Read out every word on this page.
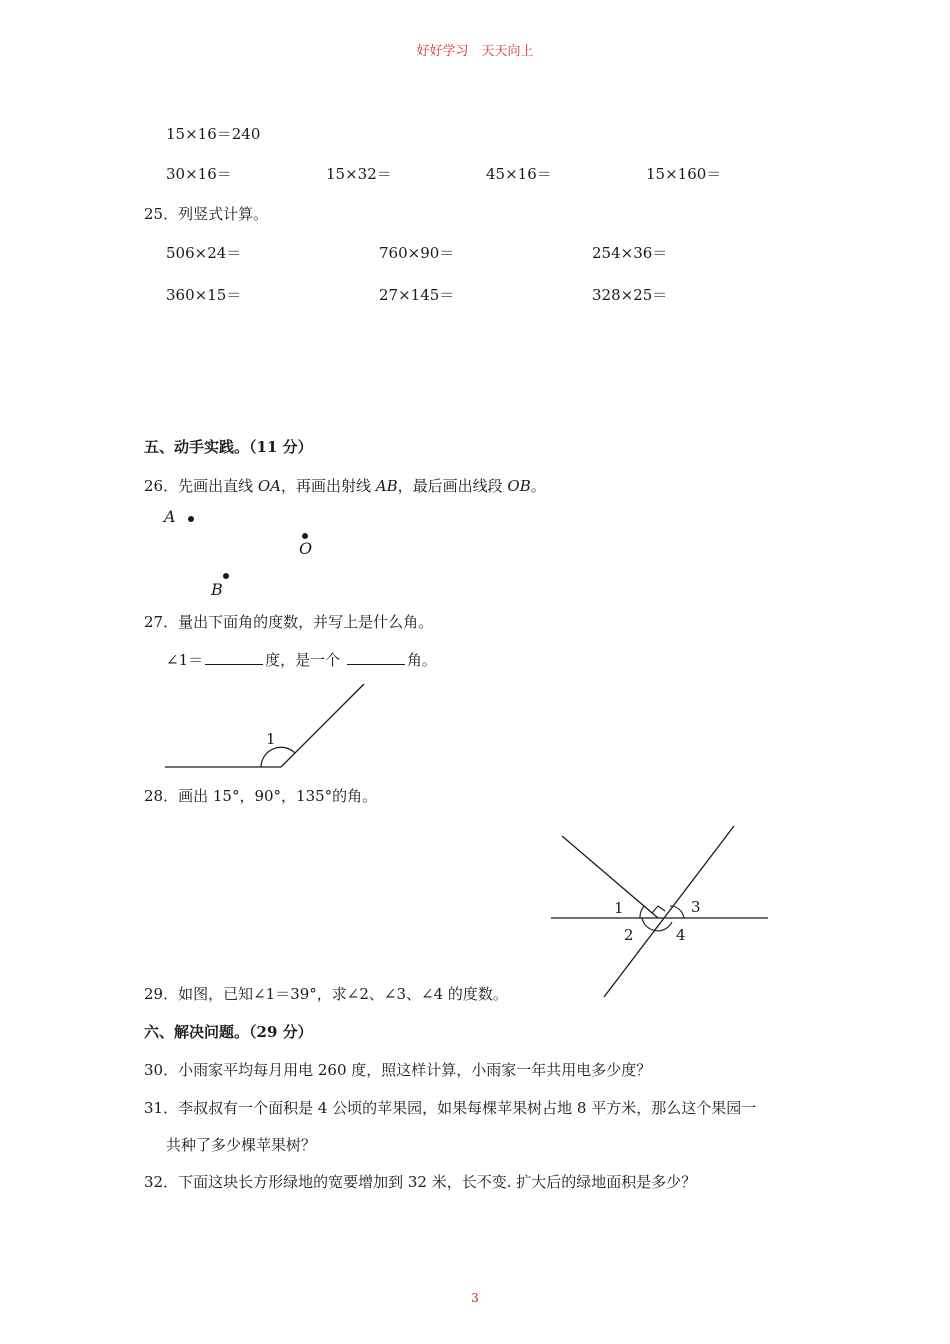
好好学习　天天向上
15×16＝240
30×16＝	15×32＝	45×16＝	15×160＝
25．列竖式计算。
506×24＝	760×90＝	254×36＝
360×15＝	27×145＝	328×25＝
五、动手实践。（11 分）
26．先画出直线 OA，再画出射线 AB，最后画出线段 OB。
A
O
B
27．量出下面角的度数，并写上是什么角。
∠1＝	度，是一个	角。
1
28．画出 15°，90°，135°的角。
1
2
3
4
29．如图，已知∠1＝39°，求∠2、∠3、∠4 的度数。
六、解决问题。（29 分）
30．小雨家平均每月用电 260 度，照这样计算，小雨家一年共用电多少度？
31．李叔叔有一个面积是 4 公顷的苹果园，如果每棵苹果树占地 8 平方米，那么这个果园一
共种了多少棵苹果树？
32．下面这块长方形绿地的宽要增加到 32 米，长不变. 扩大后的绿地面积是多少？
3
